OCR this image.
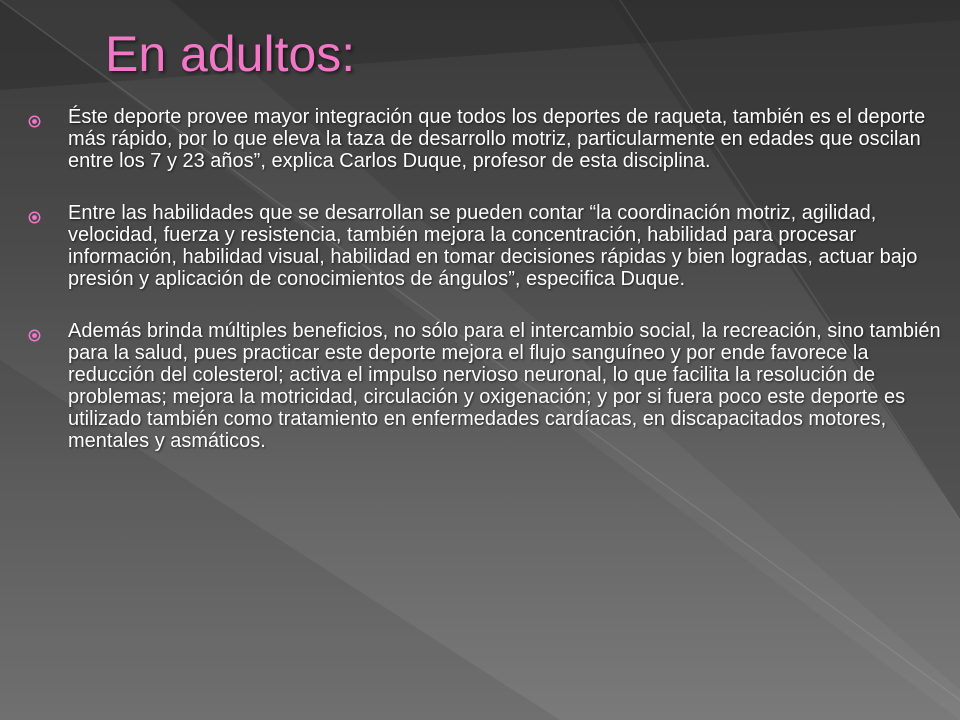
En adultos:
Éste deporte provee mayor integración que todos los deportes de raqueta, también es el deporte más rápido, por lo que eleva la taza de desarrollo motriz, particularmente en edades que oscilan entre los 7 y 23 años”, explica Carlos Duque, profesor de esta disciplina.
Entre las habilidades que se desarrollan se pueden contar “la coordinación motriz, agilidad, velocidad, fuerza y resistencia, también mejora la concentración, habilidad para procesar información, habilidad visual, habilidad en tomar decisiones rápidas y bien logradas, actuar bajo presión y aplicación de conocimientos de ángulos”, especifica Duque.
Además brinda múltiples beneficios, no sólo para el intercambio social, la recreación, sino también para la salud, pues practicar este deporte mejora el flujo sanguíneo y por ende favorece la reducción del colesterol; activa el impulso nervioso neuronal, lo que facilita la resolución de problemas; mejora la motricidad, circulación y oxigenación; y por si fuera poco este deporte es utilizado también como tratamiento en enfermedades cardíacas, en discapacitados motores, mentales y asmáticos.
